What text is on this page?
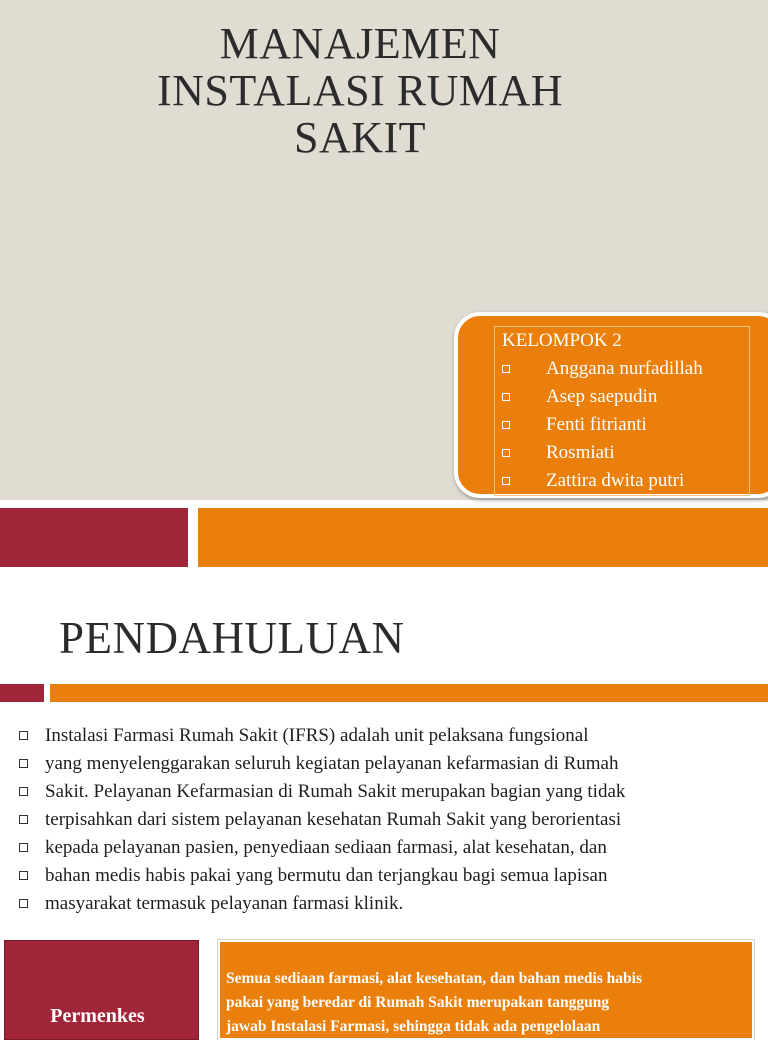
MANAJEMEN
INSTALASI RUMAH
SAKIT
KELOMPOK 2
Anggana nurfadillah
Asep saepudin
Fenti fitrianti
Rosmiati
Zattira dwita putri
PENDAHULUAN
Instalasi Farmasi Rumah Sakit (IFRS) adalah unit pelaksana fungsional
yang menyelenggarakan seluruh kegiatan pelayanan kefarmasian di Rumah
Sakit. Pelayanan Kefarmasian di Rumah Sakit merupakan bagian yang tidak
terpisahkan dari sistem pelayanan kesehatan Rumah Sakit yang berorientasi
kepada pelayanan pasien, penyediaan sediaan farmasi, alat kesehatan, dan
bahan medis habis pakai yang bermutu dan terjangkau bagi semua lapisan
masyarakat termasuk pelayanan farmasi klinik.
Permenkes
Semua sediaan farmasi, alat kesehatan, dan bahan medis habis
pakai yang beredar di Rumah Sakit merupakan tanggung
jawab Instalasi Farmasi, sehingga tidak ada pengelolaan
